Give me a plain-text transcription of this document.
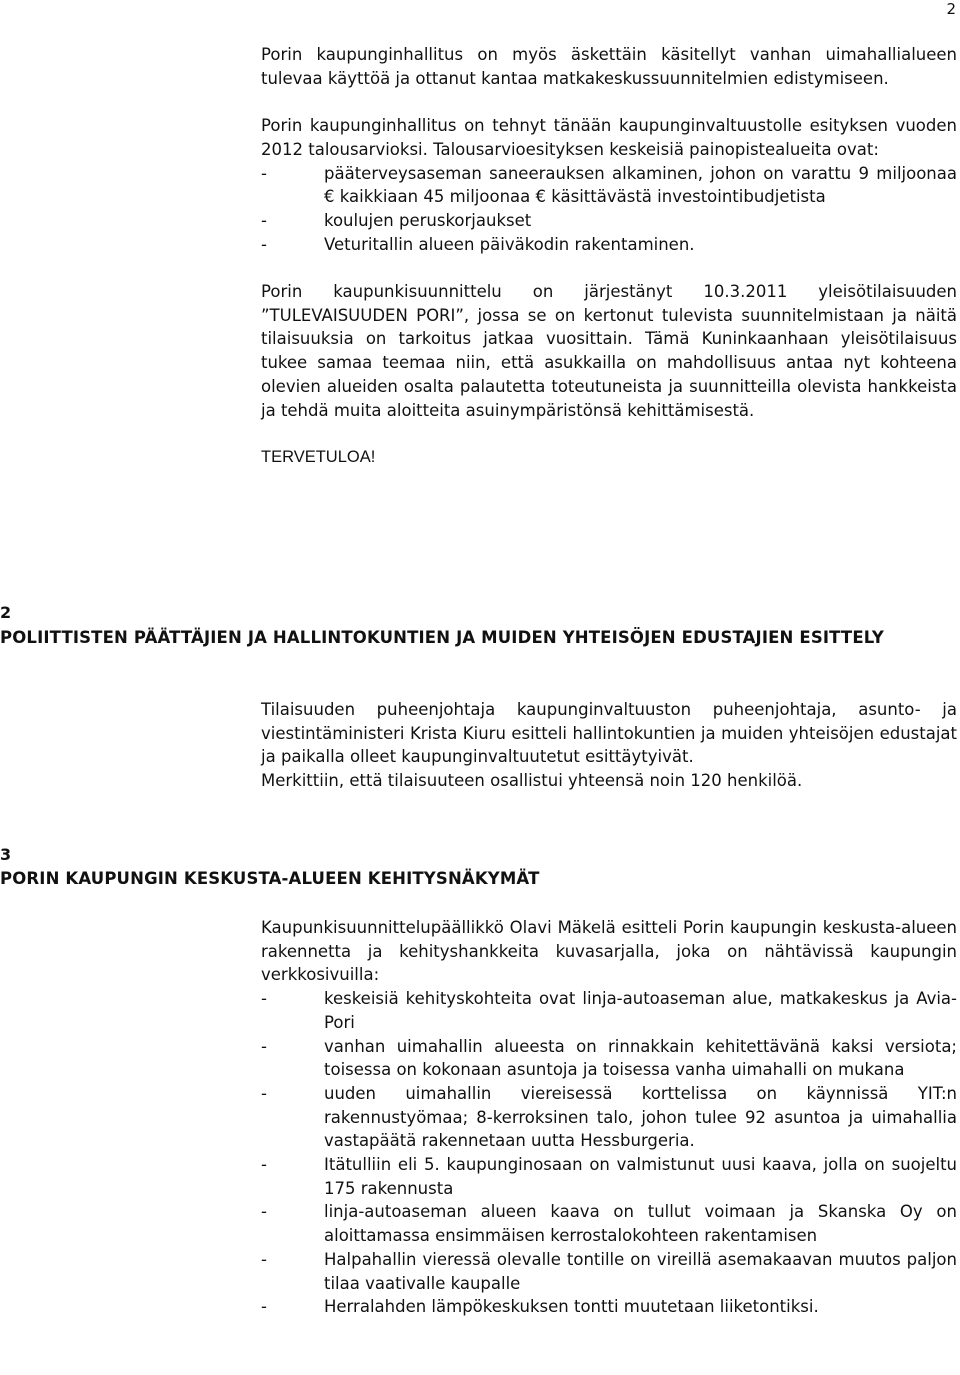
2

Porin kaupunginhallitus on myös äskettäin käsitellyt vanhan uimahallialueen tulevaa käyttöä ja ottanut kantaa matkakeskussuunnitelmien edistymiseen.

Porin kaupunginhallitus on tehnyt tänään kaupunginvaltuustolle esityksen vuoden 2012 talousarvioksi. Talousarvioesityksen keskeisiä painopistealueita ovat:

-	pääterveysaseman saneerauksen alkaminen, johon on varattu 9 miljoonaa € kaikkiaan 45 miljoonaa € käsittävästä investointibudjetista
-	koulujen peruskorjaukset
-	Veturitallin alueen päiväkodin rakentaminen.

Porin kaupunkisuunnittelu on järjestänyt 10.3.2011 yleisötilaisuuden ”TULEVAISUUDEN PORI”, jossa se on kertonut tulevista suunnitelmistaan ja näitä tilaisuuksia on tarkoitus jatkaa vuosittain. Tämä Kuninkaanhaan yleisötilaisuus tukee samaa teemaa niin, että asukkailla on mahdollisuus antaa nyt kohteena olevien alueiden osalta palautetta toteutuneista ja suunnitteilla olevista hankkeista ja tehdä muita aloitteita asuinympäristönsä kehittämisestä.

TERVETULOA!

2

POLIITTISTEN PÄÄTTÄJIEN JA HALLINTOKUNTIEN JA MUIDEN YHTEISÖJEN EDUSTAJIEN ESITTELY

Tilaisuuden puheenjohtaja kaupunginvaltuuston puheenjohtaja, asunto- ja viestintäministeri Krista Kiuru esitteli hallintokuntien ja muiden yhteisöjen edustajat ja paikalla olleet kaupunginvaltuutetut esittäytyivät.

Merkittiin, että tilaisuuteen osallistui yhteensä noin 120 henkilöä.

3

PORIN KAUPUNGIN KESKUSTA-ALUEEN KEHITYSNÄKYMÄT

Kaupunkisuunnittelupäällikkö Olavi Mäkelä esitteli Porin kaupungin keskusta-alueen rakennetta ja kehityshankkeita kuvasarjalla, joka on nähtävissä kaupungin verkkosivuilla:

-	keskeisiä kehityskohteita ovat linja-autoaseman alue, matkakeskus ja Avia-Pori
-	vanhan uimahallin alueesta on rinnakkain kehitettävänä kaksi versiota; toisessa on kokonaan asuntoja ja toisessa vanha uimahalli on mukana
-	uuden uimahallin viereisessä korttelissa on käynnissä YIT:n rakennustyömaa; 8-kerroksinen talo, johon tulee 92 asuntoa ja uimahallia vastapäätä rakennetaan uutta Hessburgeria.
-	Itätulliin eli 5. kaupunginosaan on valmistunut uusi kaava, jolla on suojeltu 175 rakennusta
-	linja-autoaseman alueen kaava on tullut voimaan ja Skanska Oy on aloittamassa ensimmäisen kerrostalokohteen rakentamisen
-	Halpahallin vieressä olevalle tontille on vireillä asemakaavan muutos paljon tilaa vaativalle kaupalle
-	Herralahden lämpökeskuksen tontti muutetaan liiketontiksi.
